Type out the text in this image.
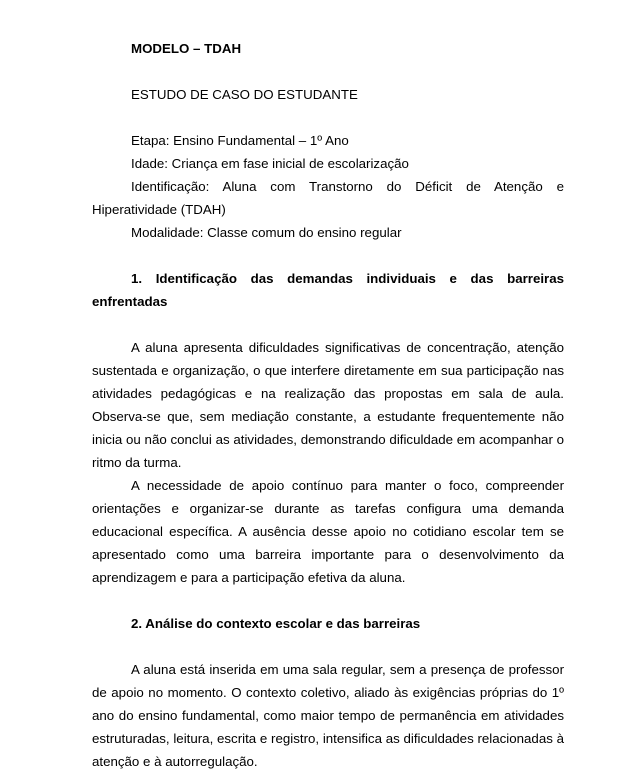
MODELO – TDAH

ESTUDO DE CASO DO ESTUDANTE

Etapa: Ensino Fundamental – 1º Ano

Idade: Criança em fase inicial de escolarização

Identificação: Aluna com Transtorno do Déficit de Atenção e Hiperatividade (TDAH)

Modalidade: Classe comum do ensino regular

1. Identificação das demandas individuais e das barreiras enfrentadas

A aluna apresenta dificuldades significativas de concentração, atenção sustentada e organização, o que interfere diretamente em sua participação nas atividades pedagógicas e na realização das propostas em sala de aula. Observa-se que, sem mediação constante, a estudante frequentemente não inicia ou não conclui as atividades, demonstrando dificuldade em acompanhar o ritmo da turma.

A necessidade de apoio contínuo para manter o foco, compreender orientações e organizar-se durante as tarefas configura uma demanda educacional específica. A ausência desse apoio no cotidiano escolar tem se apresentado como uma barreira importante para o desenvolvimento da aprendizagem e para a participação efetiva da aluna.

2. Análise do contexto escolar e das barreiras

A aluna está inserida em uma sala regular, sem a presença de professor de apoio no momento. O contexto coletivo, aliado às exigências próprias do 1º ano do ensino fundamental, como maior tempo de permanência em atividades estruturadas, leitura, escrita e registro, intensifica as dificuldades relacionadas à atenção e à autorregulação.
